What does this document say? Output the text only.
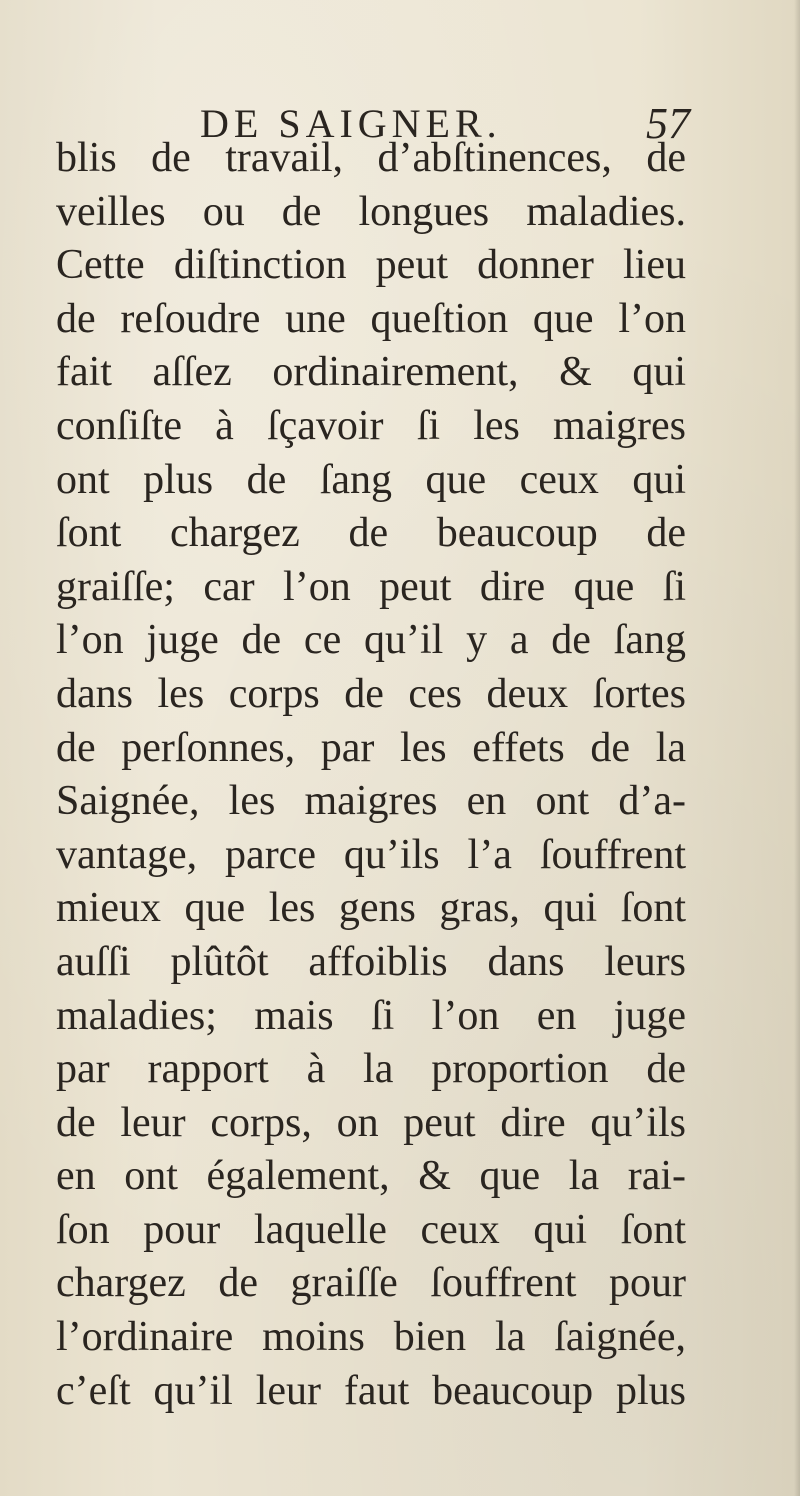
DE SAIGNER.	57
blis de travail, d’abſtinences, de
veilles ou de longues maladies.
Cette diſtinction peut donner lieu
de reſoudre une queſtion que l’on
fait aſſez ordinairement, & qui
conſiſte à ſçavoir ſi les maigres
ont plus de ſang que ceux qui
ſont chargez de beaucoup de
graiſſe; car l’on peut dire que ſi
l’on juge de ce qu’il y a de ſang
dans les corps de ces deux ſortes
de perſonnes, par les effets de la
Saignée, les maigres en ont d’a-
vantage, parce qu’ils l’a ſouffrent
mieux que les gens gras, qui ſont
auſſi plûtôt affoiblis dans leurs
maladies; mais ſi l’on en juge
par rapport à la proportion de
de leur corps, on peut dire qu’ils
en ont également, & que la rai-
ſon pour laquelle ceux qui ſont
chargez de graiſſe ſouffrent pour
l’ordinaire moins bien la ſaignée,
c’eſt qu’il leur faut beaucoup plus
